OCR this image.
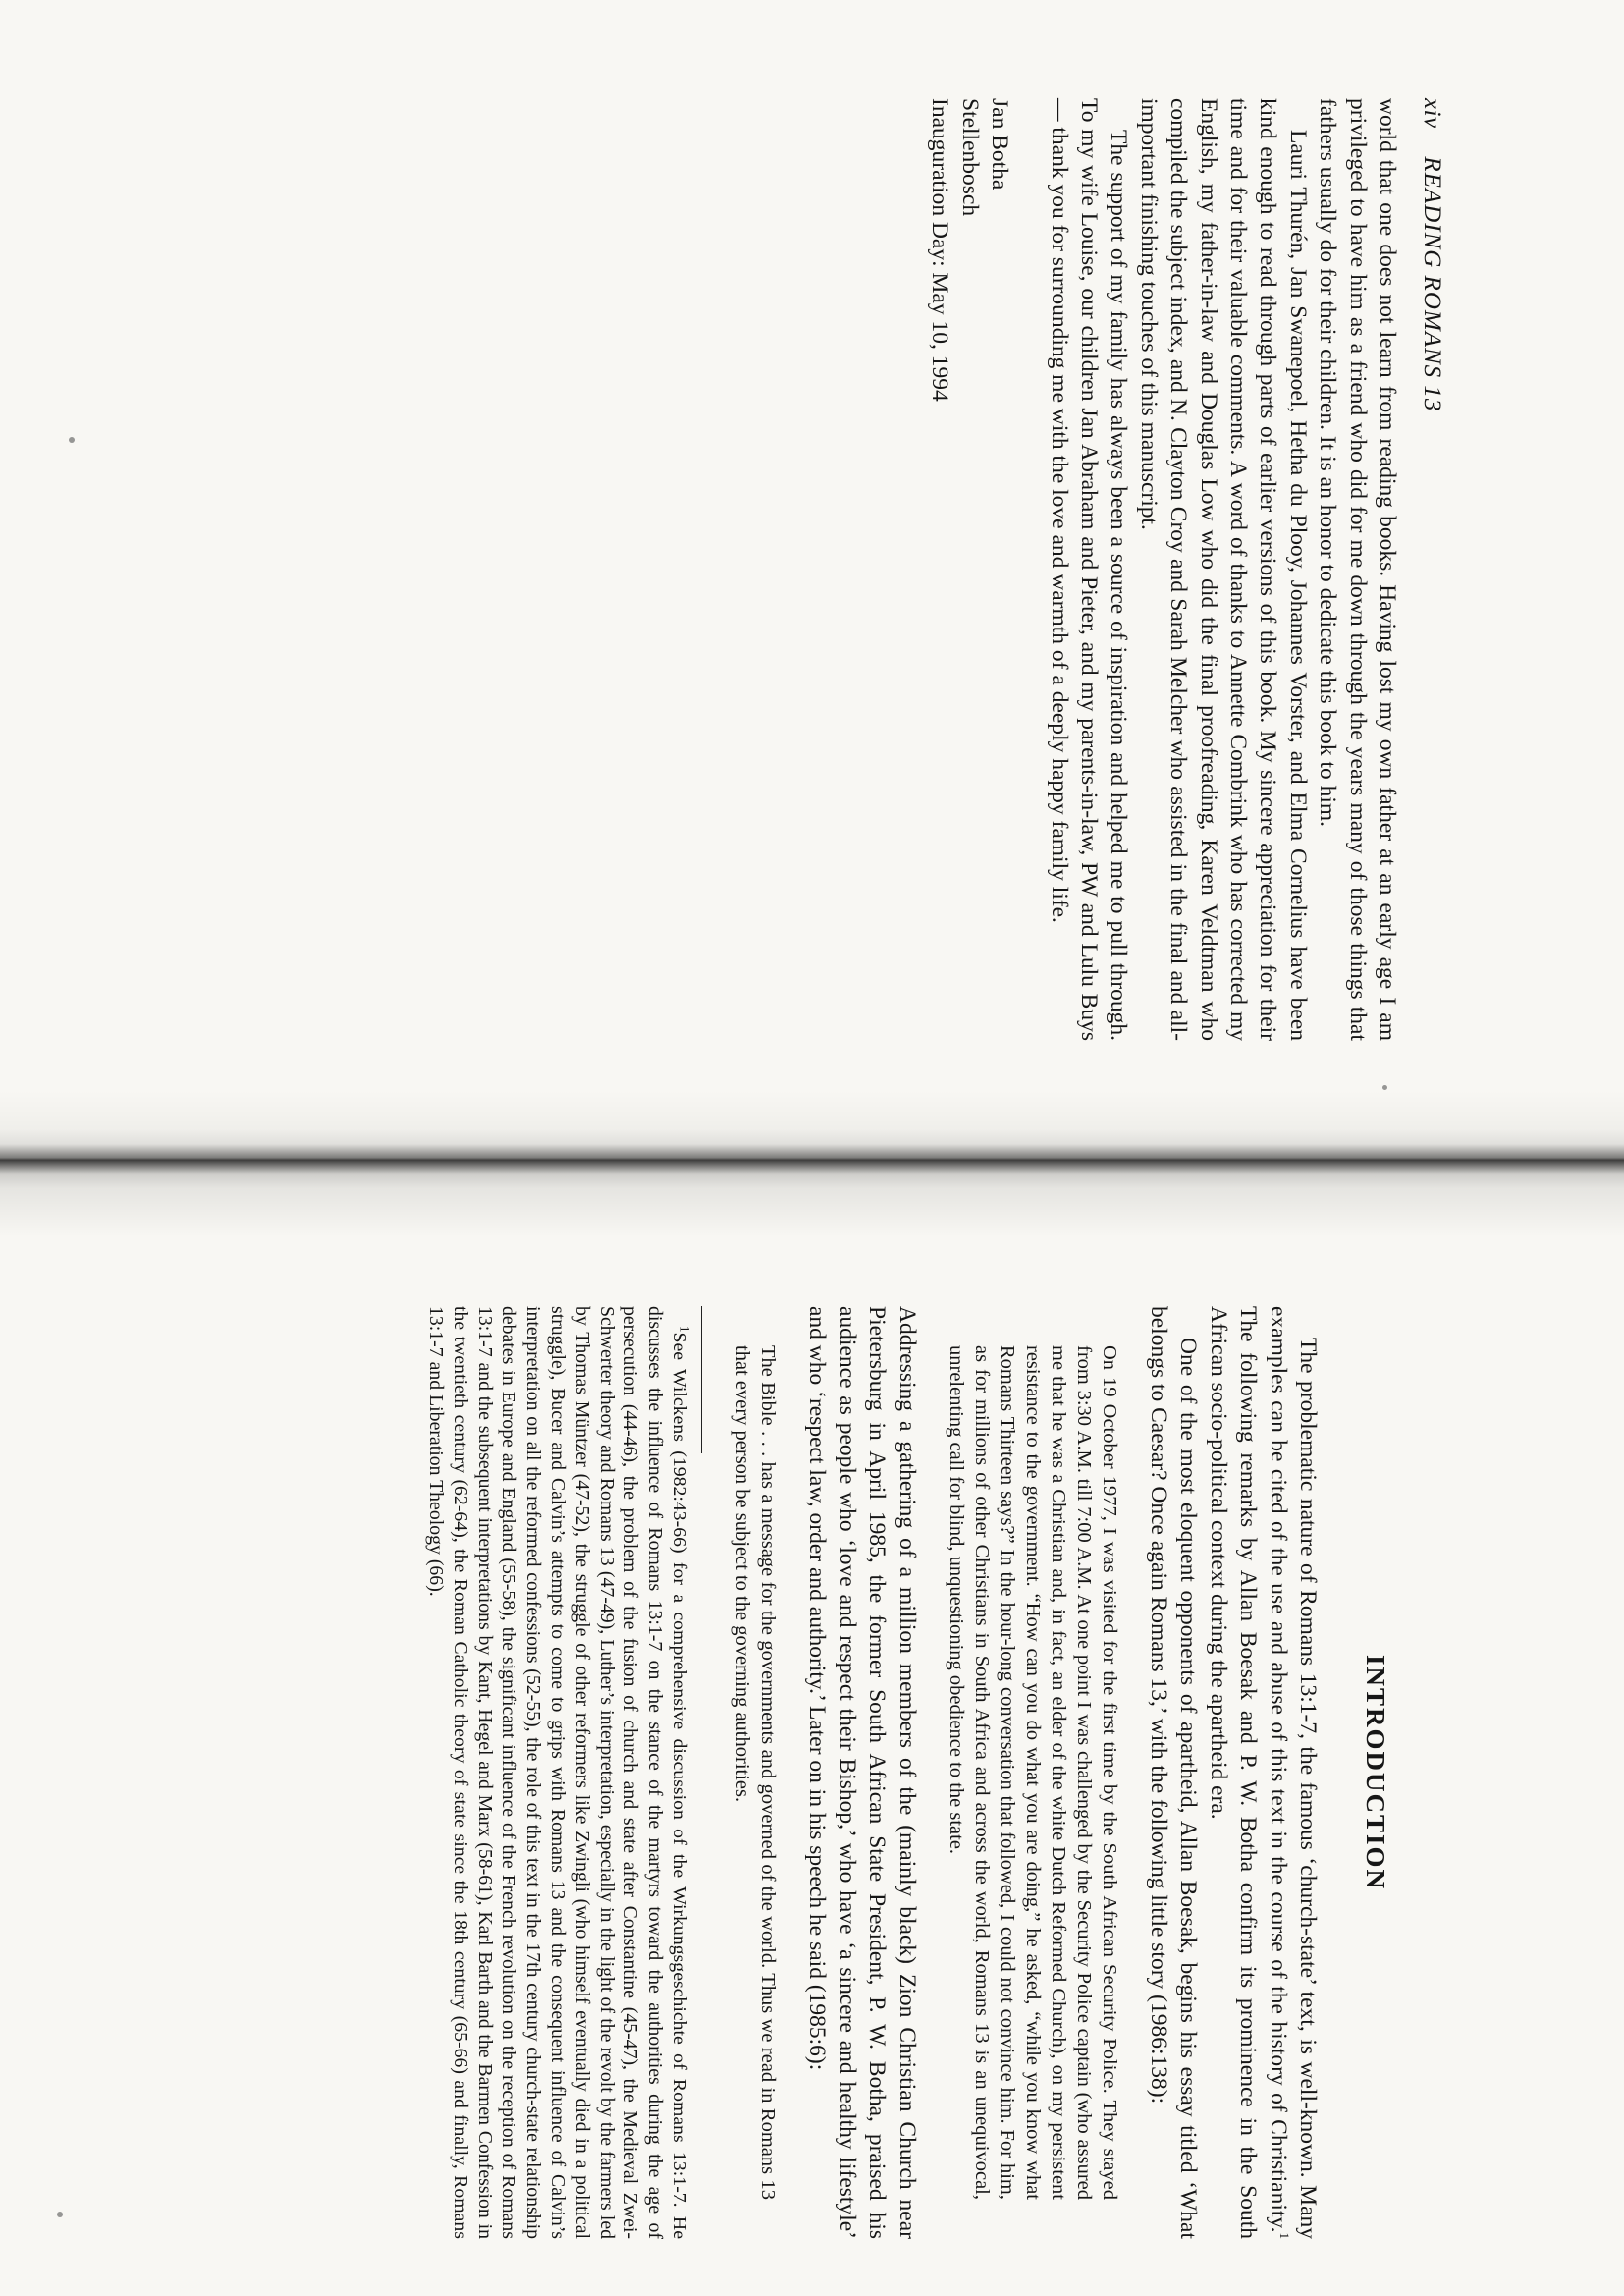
xiv READING ROMANS 13

world that one does not learn from reading books. Having lost my own father at an early age I am privileged to have him as a friend who did for me down through the years many of those things that fathers usually do for their children. It is an honor to dedicate this book to him.

Lauri Thurén, Jan Swanepoel, Hetha du Plooy, Johannes Vorster, and Elma Cornelius have been kind enough to read through parts of earlier versions of this book. My sincere appreciation for their time and for their valuable comments. A word of thanks to Annette Combrink who has corrected my English, my father-in-law and Douglas Low who did the final proofreading, Karen Veldtman who compiled the subject index, and N. Clayton Croy and Sarah Melcher who assisted in the final and all-important finishing touches of this manuscript.

The support of my family has always been a source of inspiration and helped me to pull through. To my wife Louise, our children Jan Abraham and Pieter, and my parents-in-law, PW and Lulu Buys — thank you for surrounding me with the love and warmth of a deeply happy family life.

Jan Botha
Stellenbosch
Inauguration Day: May 10, 1994
INTRODUCTION

The problematic nature of Romans 13:1-7, the famous ‘church-state’ text, is well-known. Many examples can be cited of the use and abuse of this text in the course of the history of Christianity.$^1$ The following remarks by Allan Boesak and P. W. Botha confirm its prominence in the South African socio-political context during the apartheid era.

One of the most eloquent opponents of apartheid, Allan Boesak, begins his essay titled ‘What belongs to Caesar? Once again Romans 13,’ with the following little story (1986:138):

On 19 October 1977, I was visited for the first time by the South African Security Police. They stayed from 3:30 A.M. till 7:00 A.M. At one point I was challenged by the Security Police captain (who assured me that he was a Christian and, in fact, an elder of the white Dutch Reformed Church), on my persistent resistance to the government. “How can you do what you are doing,” he asked, “while you know what Romans Thirteen says?” In the hour-long conversation that followed, I could not convince him. For him, as for millions of other Christians in South Africa and across the world, Romans 13 is an unequivocal, unrelenting call for blind, unquestioning obedience to the state.

Addressing a gathering of a million members of the (mainly black) Zion Christian Church near Pietersburg in April 1985, the former South African State President, P. W. Botha, praised his audience as people who ‘love and respect their Bishop,’ who have ‘a sincere and healthy lifestyle’ and who ‘respect law, order and authority.’ Later on in his speech he said (1985:6):

The Bible . . . has a message for the governments and governed of the world. Thus we read in Romans 13 that every person be subject to the governing authorities.

$^1$See Wilckens (1982:43-66) for a comprehensive discussion of the Wirkungsgeschichte of Romans 13:1-7. He discusses the influence of Romans 13:1-7 on the stance of the martyrs toward the authorities during the age of persecution (44-46), the problem of the fusion of church and state after Constantine (45-47), the Medieval Zwei-Schwerter theory and Romans 13 (47-49), Luther’s interpretation, especially in the light of the revolt by the farmers led by Thomas Müntzer (47-52), the struggle of other reformers like Zwingli (who himself eventually died in a political struggle), Bucer and Calvin’s attempts to come to grips with Romans 13 and the consequent influence of Calvin’s interpretation on all the reformed confessions (52-55), the role of this text in the 17th century church-state relationship debates in Europe and England (55-58), the significant influence of the French revolution on the reception of Romans 13:1-7 and the subsequent interpretations by Kant, Hegel and Marx (58-61), Karl Barth and the Barmen Confession in the twentieth century (62-64), the Roman Catholic theory of state since the 18th century (65-66) and finally, Romans 13:1-7 and Liberation Theology (66).
